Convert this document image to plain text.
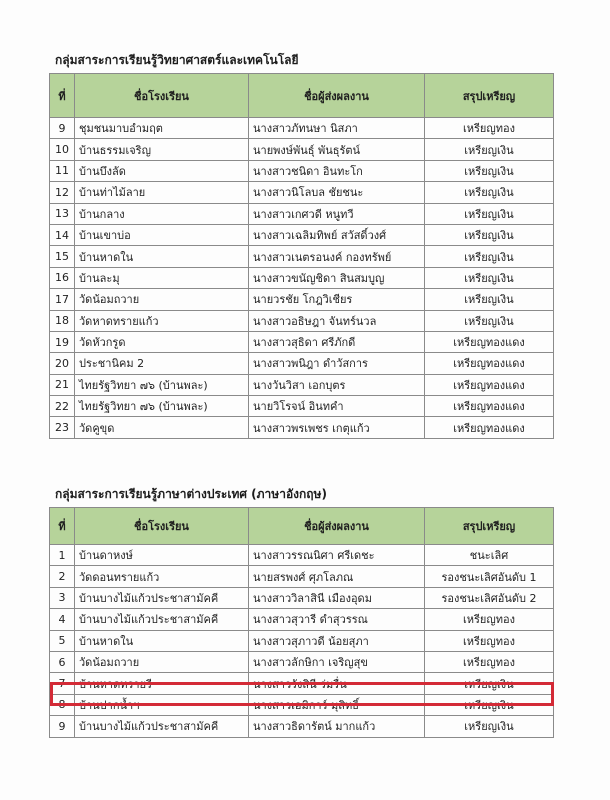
กลุ่มสาระการเรียนรู้วิทยาศาสตร์และเทคโนโลยี
ที่	ชื่อโรงเรียน	ชื่อผู้ส่งผลงาน	สรุปเหรียญ
9	ชุมชนมาบอำมฤต	นางสาวภัทนษา นิสภา	เหรียญทอง
10	บ้านธรรมเจริญ	นายพงษ์พันธุ์ พันธุรัตน์	เหรียญเงิน
11	บ้านบึงลัด	นางสาวชนิดา อินทะโก	เหรียญเงิน
12	บ้านท่าไม้ลาย	นางสาวนิโลบล ชัยชนะ	เหรียญเงิน
13	บ้านกลาง	นางสาวเกศวดี หนูทวี	เหรียญเงิน
14	บ้านเขาบ่อ	นางสาวเฉลิมทิพย์ สวัสดิ์วงศ์	เหรียญเงิน
15	บ้านหาดใน	นางสาวเนตรอนงค์ กองทรัพย์	เหรียญเงิน
16	บ้านละมุ	นางสาวขนัญชิดา สินสมบูญ	เหรียญเงิน
17	วัดน้อมถวาย	นายวรชัย โกฎวิเชียร	เหรียญเงิน
18	วัดหาดทรายแก้ว	นางสาวอธิษฎา จันทร์นวล	เหรียญเงิน
19	วัดหัวกรูด	นางสาวสุธิดา ศรีภักดี	เหรียญทองแดง
20	ประชานิคม 2	นางสาวพนิฎา ดำวัสการ	เหรียญทองแดง
21	ไทยรัฐวิทยา ๗๖ (บ้านพละ)	นางวันวิสา เอกบุตร	เหรียญทองแดง
22	ไทยรัฐวิทยา ๗๖ (บ้านพละ)	นายวิโรจน์ อินทคำ	เหรียญทองแดง
23	วัดคูขุด	นางสาวพรเพชร เกตุแก้ว	เหรียญทองแดง
กลุ่มสาระการเรียนรู้ภาษาต่างประเทศ (ภาษาอังกฤษ)
ที่	ชื่อโรงเรียน	ชื่อผู้ส่งผลงาน	สรุปเหรียญ
1	บ้านดาหงษ์	นางสาวรรณนิศา ศรีเดชะ	ชนะเลิศ
2	วัดดอนทรายแก้ว	นายสรพงศ์ ศุภโลภณ	รองชนะเลิศอันดับ 1
3	บ้านบางไม้แก้วประชาสามัคคี	นางสาววิลาสินี เมืองอุดม	รองชนะเลิศอันดับ 2
4	บ้านบางไม้แก้วประชาสามัคคี	นางสาวสุวารี ดำสุวรรณ	เหรียญทอง
5	บ้านหาดใน	นางสาวสุภาวดี น้อยสุภา	เหรียญทอง
6	วัดน้อมถวาย	นางสาวลักษิกา เจริญสุข	เหรียญทอง
7	บ้านหาดทรายรี	นางสาวรังสินี ร่มรื่น	เหรียญเงิน
8	บ้านปากน้ำฯ	นางสาวเอมิการ์ มุสิทธิ์	เหรียญเงิน
9	บ้านบางไม้แก้วประชาสามัคคี	นางสาวธิดารัตน์ มากแก้ว	เหรียญเงิน
